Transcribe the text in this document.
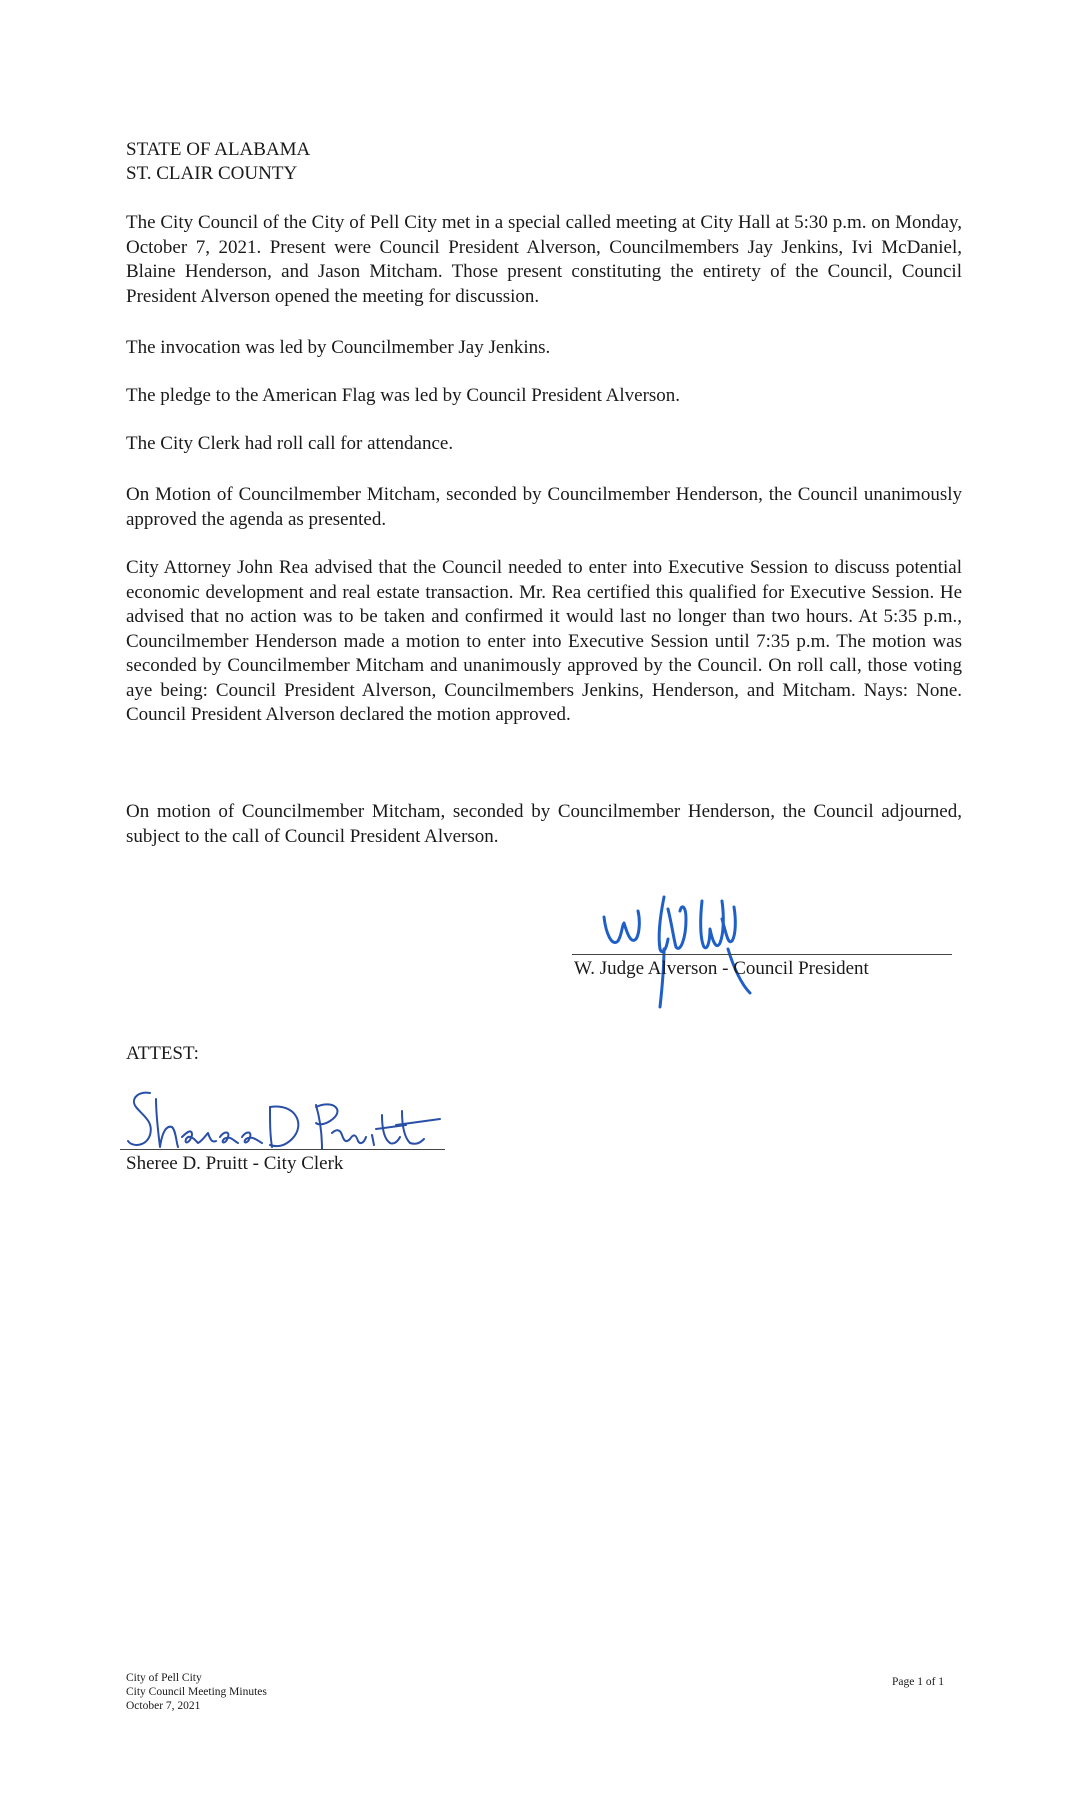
STATE OF ALABAMA
ST. CLAIR COUNTY

The City Council of the City of Pell City met in a special called meeting at City Hall at 5:30 p.m. on Monday, October 7, 2021. Present were Council President Alverson, Councilmembers Jay Jenkins, Ivi McDaniel, Blaine Henderson, and Jason Mitcham. Those present constituting the entirety of the Council, Council President Alverson opened the meeting for discussion.

The invocation was led by Councilmember Jay Jenkins.

The pledge to the American Flag was led by Council President Alverson.

The City Clerk had roll call for attendance.

On Motion of Councilmember Mitcham, seconded by Councilmember Henderson, the Council unanimously approved the agenda as presented.

City Attorney John Rea advised that the Council needed to enter into Executive Session to discuss potential economic development and real estate transaction. Mr. Rea certified this qualified for Executive Session. He advised that no action was to be taken and confirmed it would last no longer than two hours. At 5:35 p.m., Councilmember Henderson made a motion to enter into Executive Session until 7:35 p.m. The motion was seconded by Councilmember Mitcham and unanimously approved by the Council. On roll call, those voting aye being: Council President Alverson, Councilmembers Jenkins, Henderson, and Mitcham. Nays: None. Council President Alverson declared the motion approved.

On motion of Councilmember Mitcham, seconded by Councilmember Henderson, the Council adjourned, subject to the call of Council President Alverson.

W. Judge Alverson - Council President
ATTEST:
Sheree D. Pruitt - City Clerk
City of Pell City
City Council Meeting Minutes
October 7, 2021
Page 1 of 1
